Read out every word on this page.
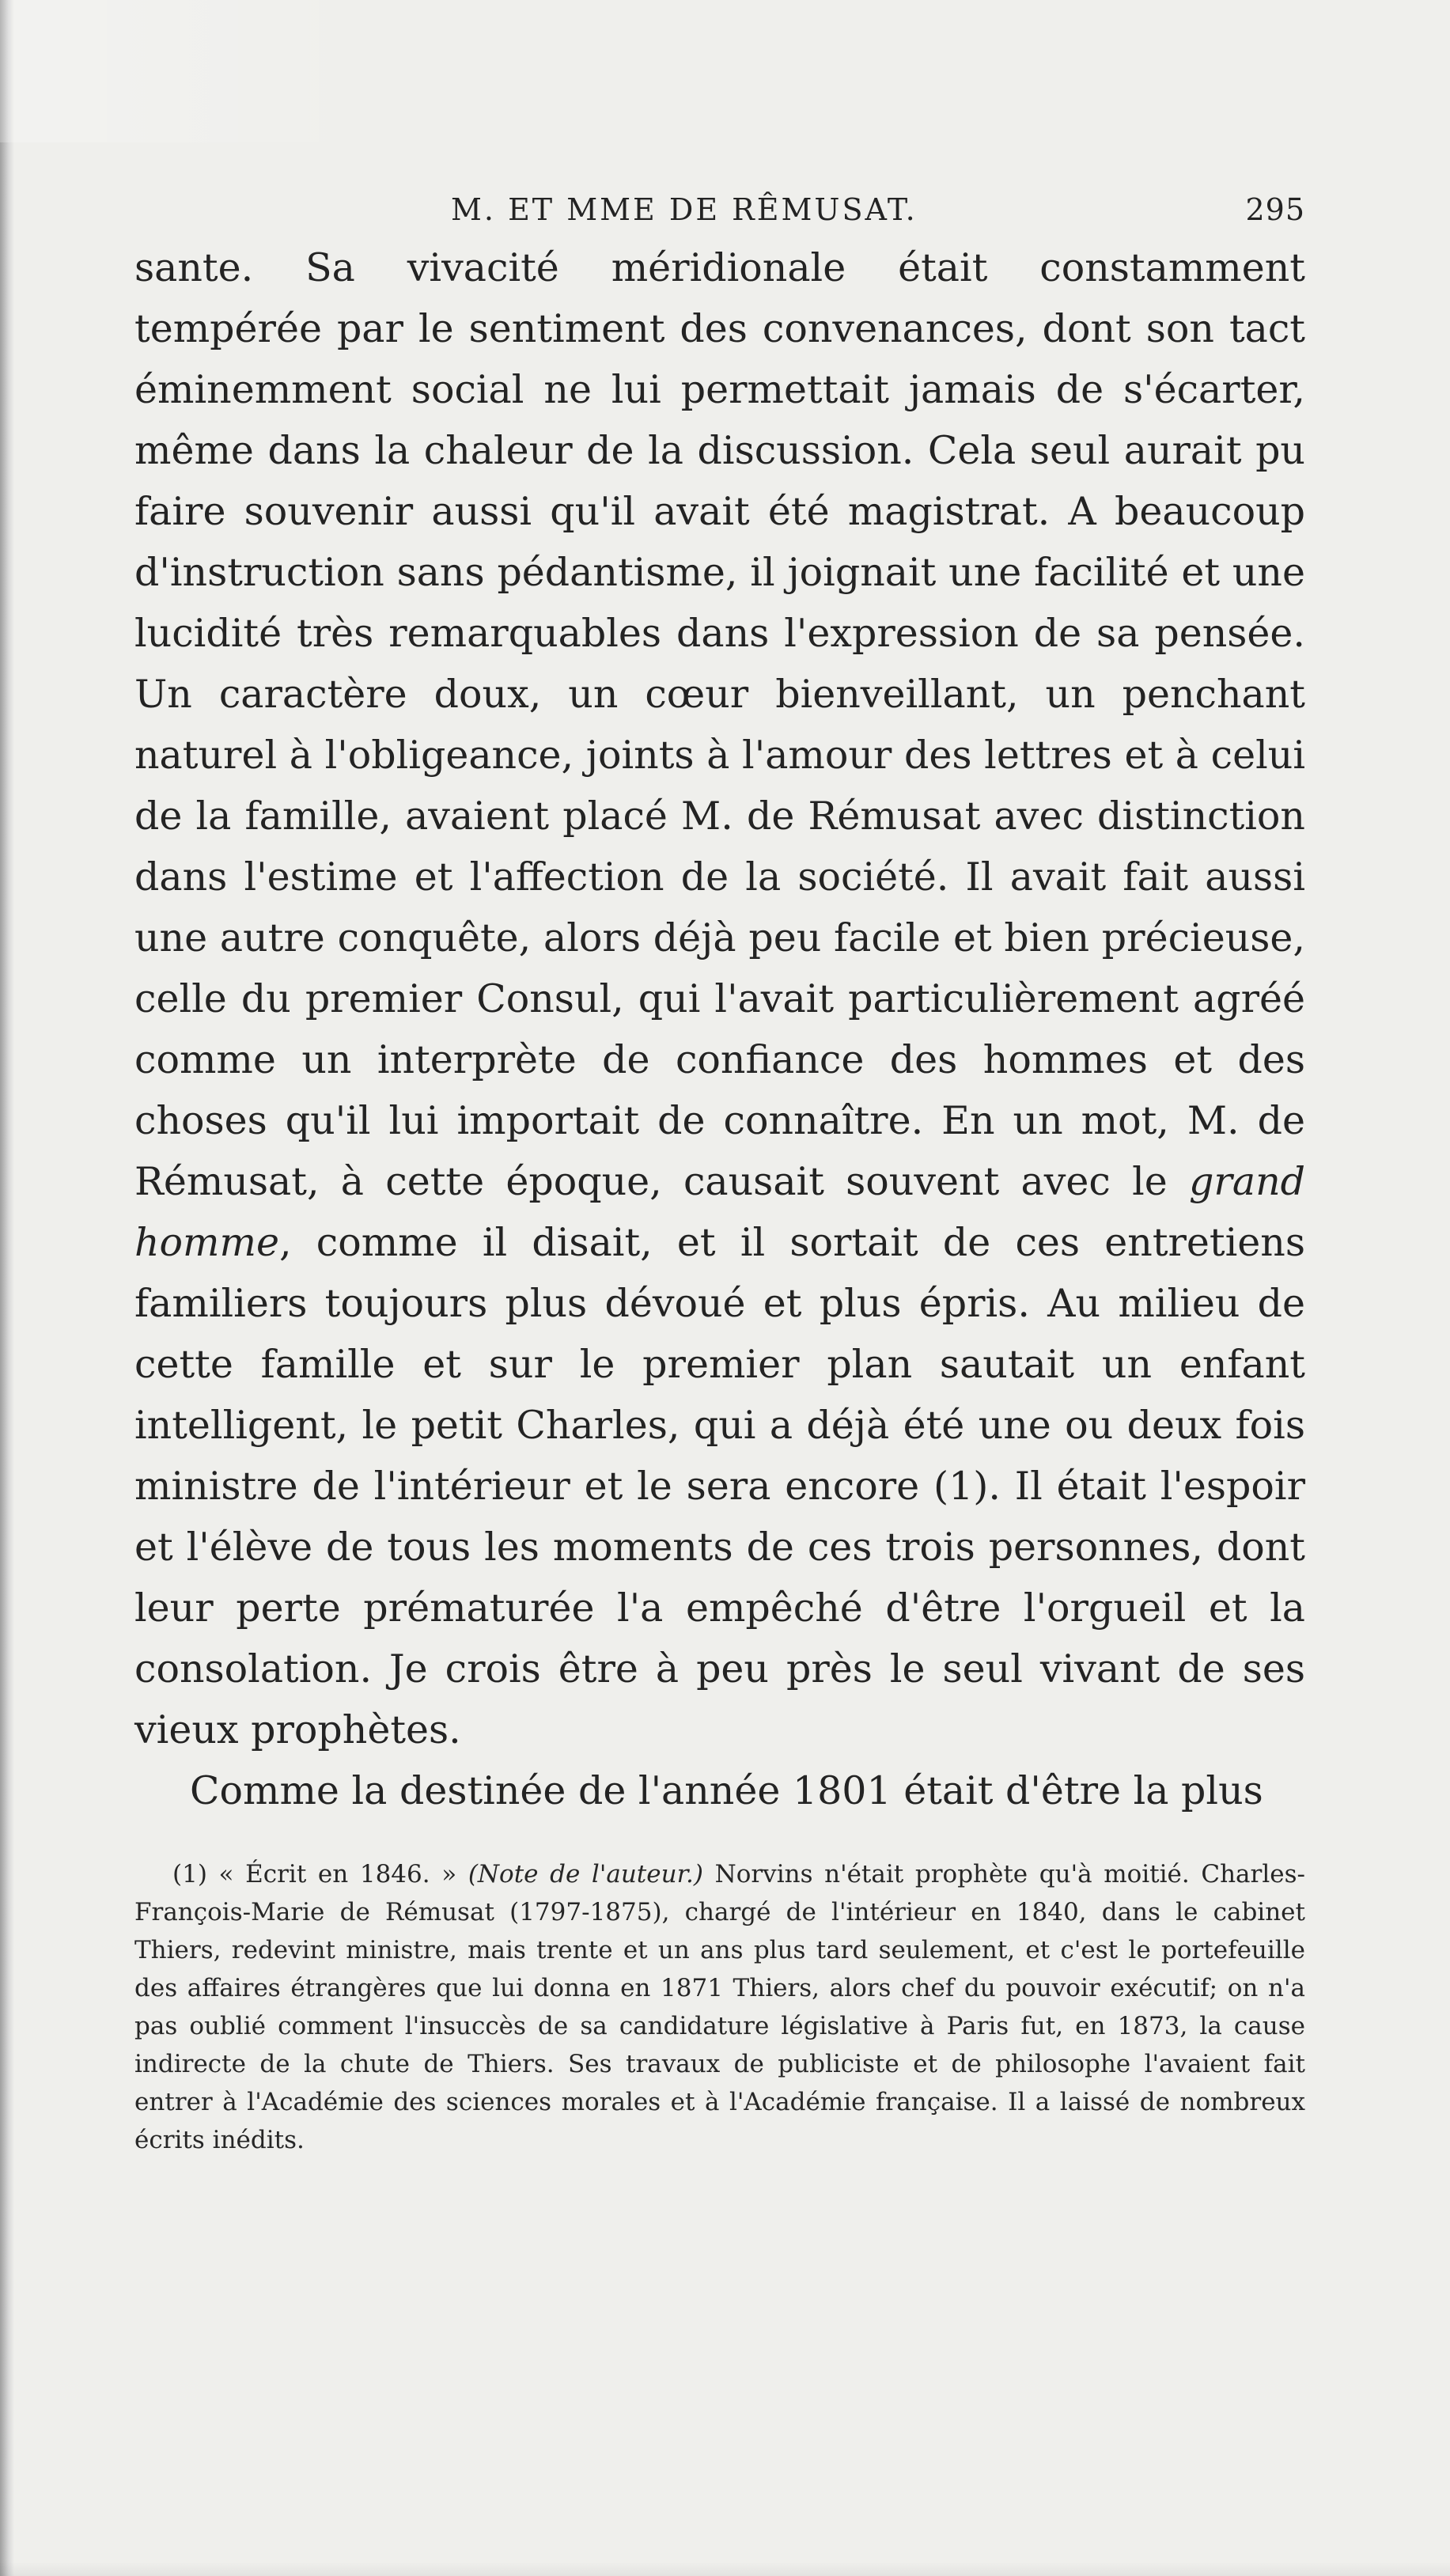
M. ET MME DE RÊMUSAT.	295

sante. Sa vivacité méridionale était constamment tempérée par le sentiment des convenances, dont son tact éminemment social ne lui permettait jamais de s'écarter, même dans la chaleur de la discussion. Cela seul aurait pu faire souvenir aussi qu'il avait été magistrat. A beaucoup d'instruction sans pédantisme, il joignait une facilité et une lucidité très remarquables dans l'expression de sa pensée. Un caractère doux, un cœur bienveillant, un penchant naturel à l'obligeance, joints à l'amour des lettres et à celui de la famille, avaient placé M. de Rémusat avec distinction dans l'estime et l'affection de la société. Il avait fait aussi une autre conquête, alors déjà peu facile et bien précieuse, celle du premier Consul, qui l'avait particulièrement agréé comme un interprète de confiance des hommes et des choses qu'il lui importait de connaître. En un mot, M. de Rémusat, à cette époque, causait souvent avec le grand homme, comme il disait, et il sortait de ces entretiens familiers toujours plus dévoué et plus épris. Au milieu de cette famille et sur le premier plan sautait un enfant intelligent, le petit Charles, qui a déjà été une ou deux fois ministre de l'intérieur et le sera encore (1). Il était l'espoir et l'élève de tous les moments de ces trois personnes, dont leur perte prématurée l'a empêché d'être l'orgueil et la consolation. Je crois être à peu près le seul vivant de ses vieux prophètes.

Comme la destinée de l'année 1801 était d'être la plus

(1) « Écrit en 1846. » (Note de l'auteur.) Norvins n'était prophète qu'à moitié. Charles-François-Marie de Rémusat (1797-1875), chargé de l'intérieur en 1840, dans le cabinet Thiers, redevint ministre, mais trente et un ans plus tard seulement, et c'est le portefeuille des affaires étrangères que lui donna en 1871 Thiers, alors chef du pouvoir exécutif; on n'a pas oublié comment l'insuccès de sa candidature législative à Paris fut, en 1873, la cause indirecte de la chute de Thiers. Ses travaux de publiciste et de philosophe l'avaient fait entrer à l'Académie des sciences morales et à l'Académie française. Il a laissé de nombreux écrits inédits.
